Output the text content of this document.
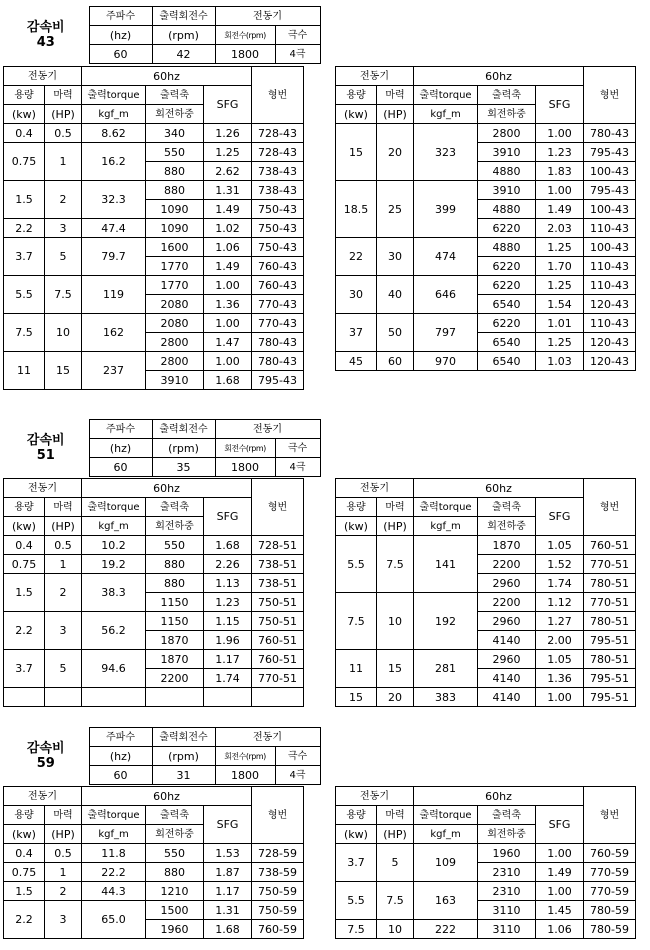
감속비
43	주파수	출력회전수	전동기	
	(hz)	(rpm)	회전수(rpm)	극수
	60	42	1800	4극
전동기		60hz			형번
용량	마력	출력torque	출력축	SFG	
(kw)	(HP)	kgf_m	회전하중		
0.4	0.5	8.62	340	1.26	728-43
0.75	1	16.2	550	1.25	728-43
			880	2.62	738-43
1.5	2	32.3	880	1.31	738-43
			1090	1.49	750-43
2.2	3	47.4	1090	1.02	750-43
3.7	5	79.7	1600	1.06	750-43
			1770	1.49	760-43
5.5	7.5	119	1770	1.00	760-43
			2080	1.36	770-43
7.5	10	162	2080	1.00	770-43
			2800	1.47	780-43
11	15	237	2800	1.00	780-43
			3910	1.68	795-43
전동기		60hz			형번
용량	마력	출력torque	출력축	SFG	
(kw)	(HP)	kgf_m	회전하중		
15	20	323	2800	1.00	780-43
			3910	1.23	795-43
			4880	1.83	100-43
18.5	25	399	3910	1.00	795-43
			4880	1.49	100-43
			6220	2.03	110-43
22	30	474	4880	1.25	100-43
			6220	1.70	110-43
30	40	646	6220	1.25	110-43
			6540	1.54	120-43
37	50	797	6220	1.01	110-43
			6540	1.25	120-43
45	60	970	6540	1.03	120-43
감속비
51	주파수	출력회전수	전동기	
	(hz)	(rpm)	회전수(rpm)	극수
	60	35	1800	4극
전동기		60hz			형번
용량	마력	출력torque	출력축	SFG	
(kw)	(HP)	kgf_m	회전하중		
0.4	0.5	10.2	550	1.68	728-51
0.75	1	19.2	880	2.26	738-51
1.5	2	38.3	880	1.13	738-51
			1150	1.23	750-51
2.2	3	56.2	1150	1.15	750-51
			1870	1.96	760-51
3.7	5	94.6	1870	1.17	760-51
			2200	1.74	770-51

전동기		60hz			형번
용량	마력	출력torque	출력축	SFG	
(kw)	(HP)	kgf_m	회전하중		
5.5	7.5	141	1870	1.05	760-51
			2200	1.52	770-51
			2960	1.74	780-51
7.5	10	192	2200	1.12	770-51
			2960	1.27	780-51
			4140	2.00	795-51
11	15	281	2960	1.05	780-51
			4140	1.36	795-51
15	20	383	4140	1.00	795-51
감속비
59	주파수	출력회전수	전동기	
	(hz)	(rpm)	회전수(rpm)	극수
	60	31	1800	4극
전동기		60hz			형번
용량	마력	출력torque	출력축	SFG	
(kw)	(HP)	kgf_m	회전하중		
0.4	0.5	11.8	550	1.53	728-59
0.75	1	22.2	880	1.87	738-59
1.5	2	44.3	1210	1.17	750-59
2.2	3	65.0	1500	1.31	750-59
			1960	1.68	760-59
전동기		60hz			형번
용량	마력	출력torque	출력축	SFG	
(kw)	(HP)	kgf_m	회전하중		
3.7	5	109	1960	1.00	760-59
			2310	1.49	770-59
5.5	7.5	163	2310	1.00	770-59
			3110	1.45	780-59
7.5	10	222	3110	1.06	780-59
